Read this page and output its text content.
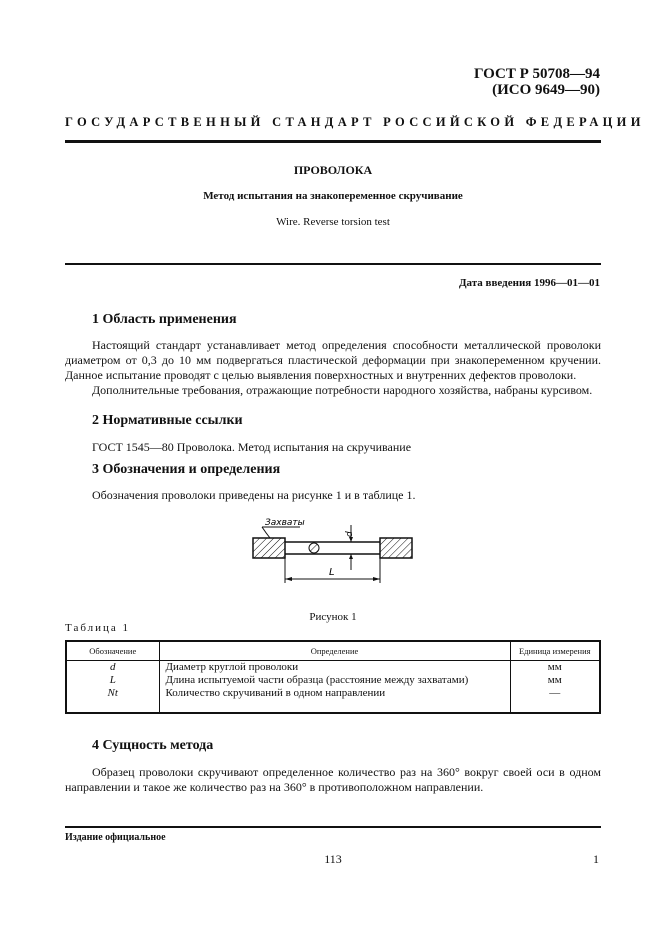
ГОСТ Р 50708—94
(ИСО 9649—90)
ГОСУДАРСТВЕННЫЙ СТАНДАРТ РОССИЙСКОЙ ФЕДЕРАЦИИ
ПРОВОЛОКА
Метод испытания на знакопеременное скручивание
Wire. Reverse torsion test
Дата введения 1996—01—01
1 Область применения

Настоящий стандарт устанавливает метод определения способности металлической проволоки диаметром от 0,3 до 10 мм подвергаться пластической деформации при знакопеременном кручении. Данное испытание проводят с целью выявления поверхностных и внутренних дефектов проволоки.

Дополнительные требования, отражающие потребности народного хозяйства, набраны курсивом.

2 Нормативные ссылки
ГОСТ 1545—80 Проволока. Метод испытания на скручивание
3 Обозначения и определения
Обозначения проволоки приведены на рисунке 1 и в таблице 1.
Захваты
d
L
Рисунок 1
Таблица 1
Обозначение	Определение	Единица измерения
d	Диаметр круглой проволоки	мм
L	Длина испытуемой части образца (расстояние между захватами)	мм
Nt	Количество скручиваний в одном направлении	—
4 Сущность метода
Образец проволоки скручивают определенное количество раз на 360° вокруг своей оси в одном направлении и такое же количество раз на 360° в противоположном направлении.
Издание официальное
113	1
